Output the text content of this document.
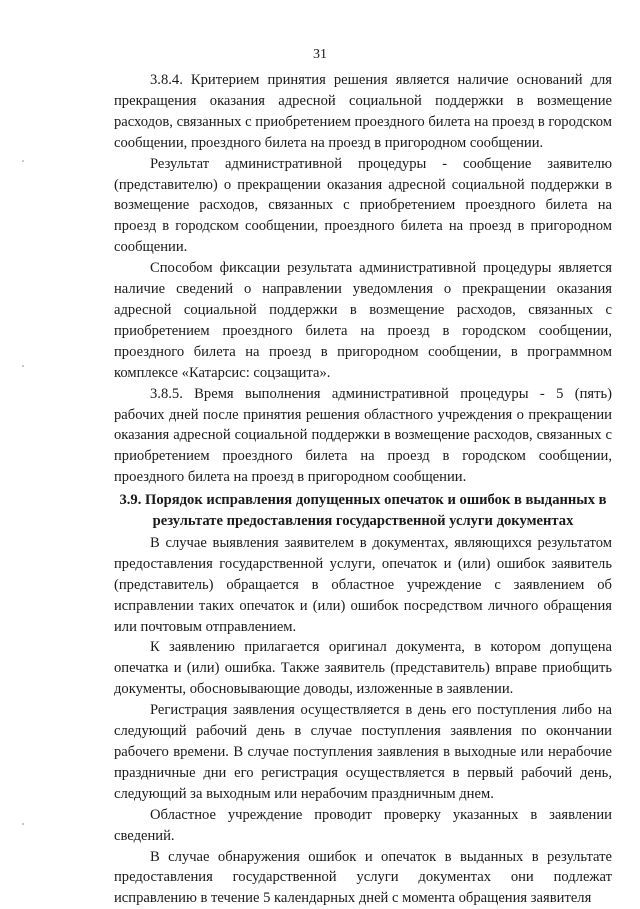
31

3.8.4. Критерием принятия решения является наличие оснований для прекращения оказания адресной социальной поддержки в возмещение расходов, связанных с приобретением проездного билета на проезд в городском сообщении, проездного билета на проезд в пригородном сообщении.

Результат административной процедуры - сообщение заявителю (представителю) о прекращении оказания адресной социальной поддержки в возмещение расходов, связанных с приобретением проездного билета на проезд в городском сообщении, проездного билета на проезд в пригородном сообщении.

Способом фиксации результата административной процедуры является наличие сведений о направлении уведомления о прекращении оказания адресной социальной поддержки в возмещение расходов, связанных с приобретением проездного билета на проезд в городском сообщении, проездного билета на проезд в пригородном сообщении, в программном комплексе «Катарсис: соцзащита».

3.8.5. Время выполнения административной процедуры - 5 (пять) рабочих дней после принятия решения областного учреждения о прекращении оказания адресной социальной поддержки в возмещение расходов, связанных с приобретением проездного билета на проезд в городском сообщении, проездного билета на проезд в пригородном сообщении.

3.9. Порядок исправления допущенных опечаток и ошибок в выданных в результате предоставления государственной услуги документах

В случае выявления заявителем в документах, являющихся результатом предоставления государственной услуги, опечаток и (или) ошибок заявитель (представитель) обращается в областное учреждение с заявлением об исправлении таких опечаток и (или) ошибок посредством личного обращения или почтовым отправлением.

К заявлению прилагается оригинал документа, в котором допущена опечатка и (или) ошибка. Также заявитель (представитель) вправе приобщить документы, обосновывающие доводы, изложенные в заявлении.

Регистрация заявления осуществляется в день его поступления либо на следующий рабочий день в случае поступления заявления по окончании рабочего времени. В случае поступления заявления в выходные или нерабочие праздничные дни его регистрация осуществляется в первый рабочий день, следующий за выходным или нерабочим праздничным днем.

Областное учреждение проводит проверку указанных в заявлении сведений.

В случае обнаружения ошибок и опечаток в выданных в результате предоставления государственной услуги документах они подлежат исправлению в течение 5 календарных дней с момента обращения заявителя
